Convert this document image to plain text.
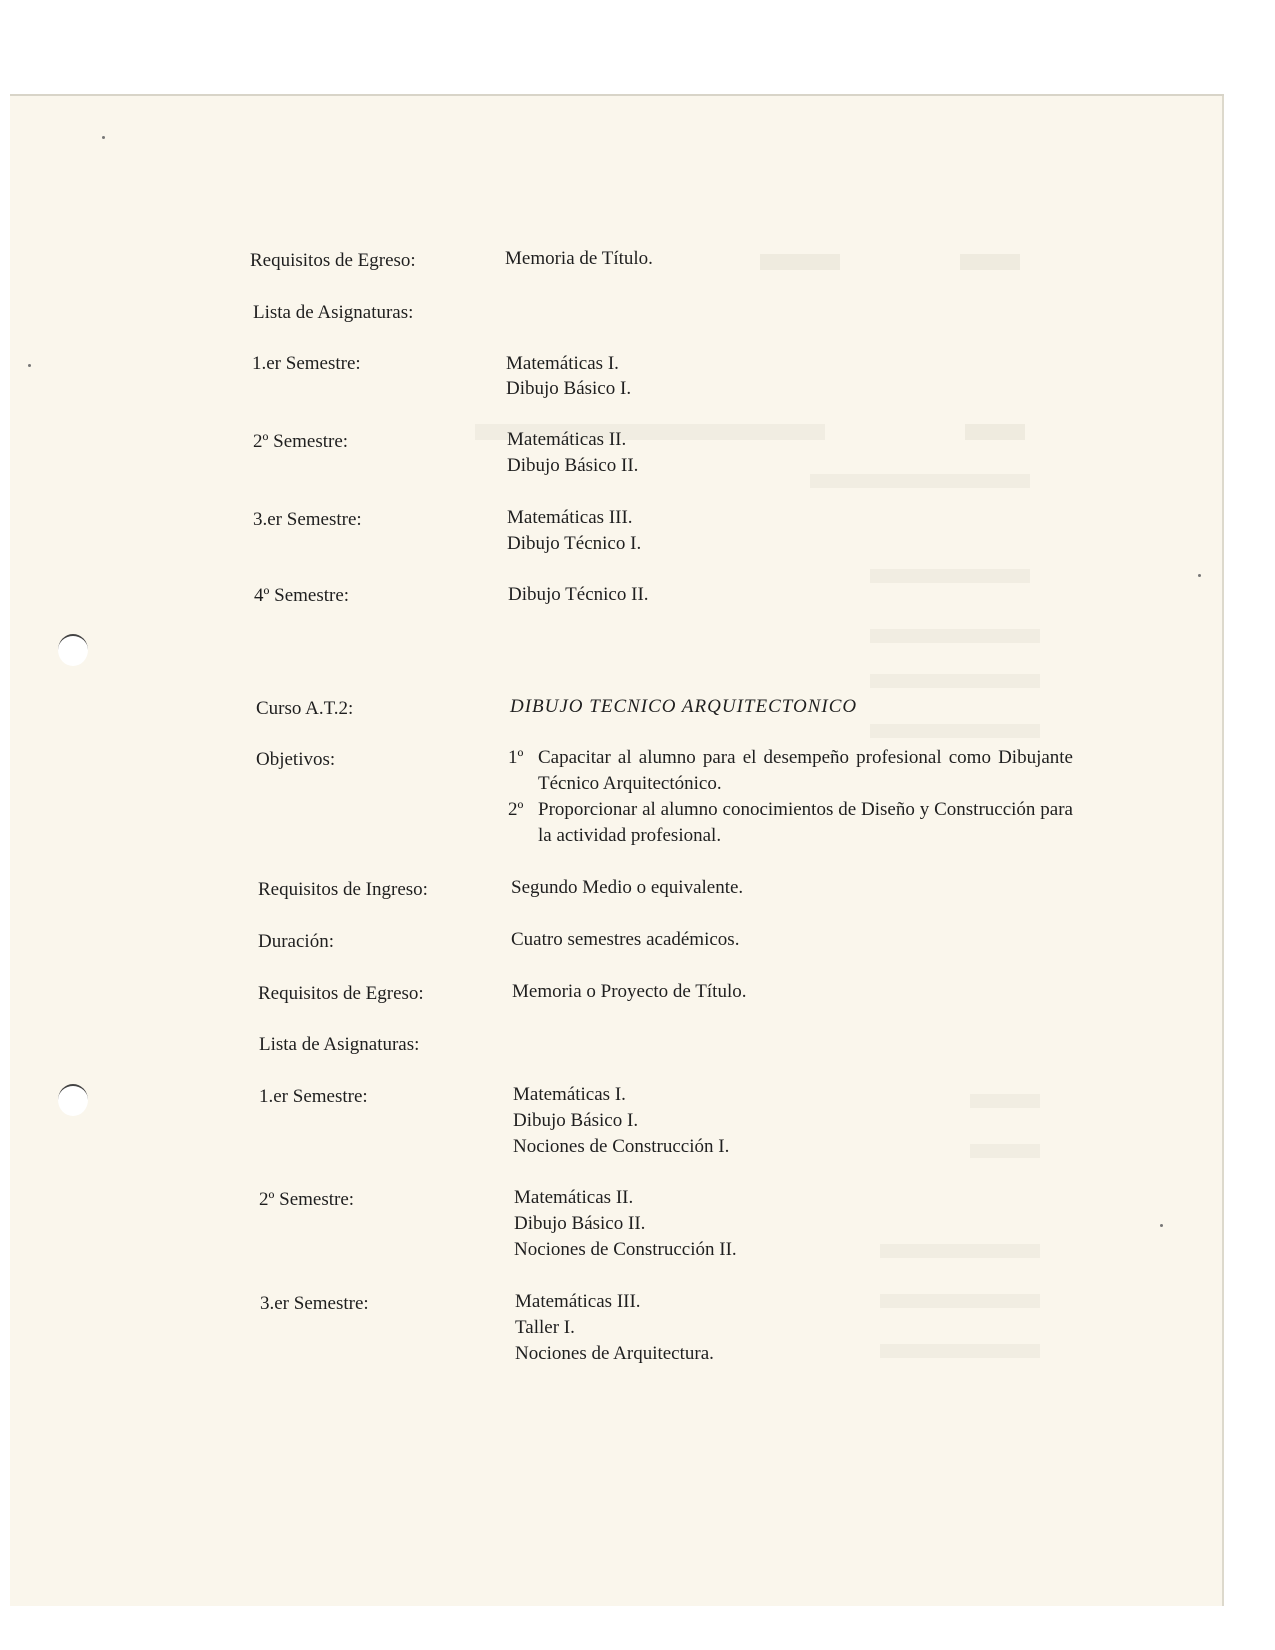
Requisitos de Egreso:	Memoria de Título.
Lista de Asignaturas:
1.er Semestre:	Matemáticas I.
Dibujo Básico I.
2º Semestre:	Matemáticas II.
Dibujo Básico II.
3.er Semestre:	Matemáticas III.
Dibujo Técnico I.
4º Semestre:	Dibujo Técnico II.
Curso A.T.2:	DIBUJO TECNICO ARQUITECTONICO
Objetivos:	1º Capacitar al alumno para el desempeño profesional como Dibujante Técnico Arquitectónico.
2º Proporcionar al alumno conocimientos de Diseño y Construcción para la actividad profesional.
Requisitos de Ingreso:	Segundo Medio o equivalente.
Duración:	Cuatro semestres académicos.
Requisitos de Egreso:	Memoria o Proyecto de Título.
Lista de Asignaturas:
1.er Semestre:	Matemáticas I.
Dibujo Básico I.
Nociones de Construcción I.
2º Semestre:	Matemáticas II.
Dibujo Básico II.
Nociones de Construcción II.
3.er Semestre:	Matemáticas III.
Taller I.
Nociones de Arquitectura.
